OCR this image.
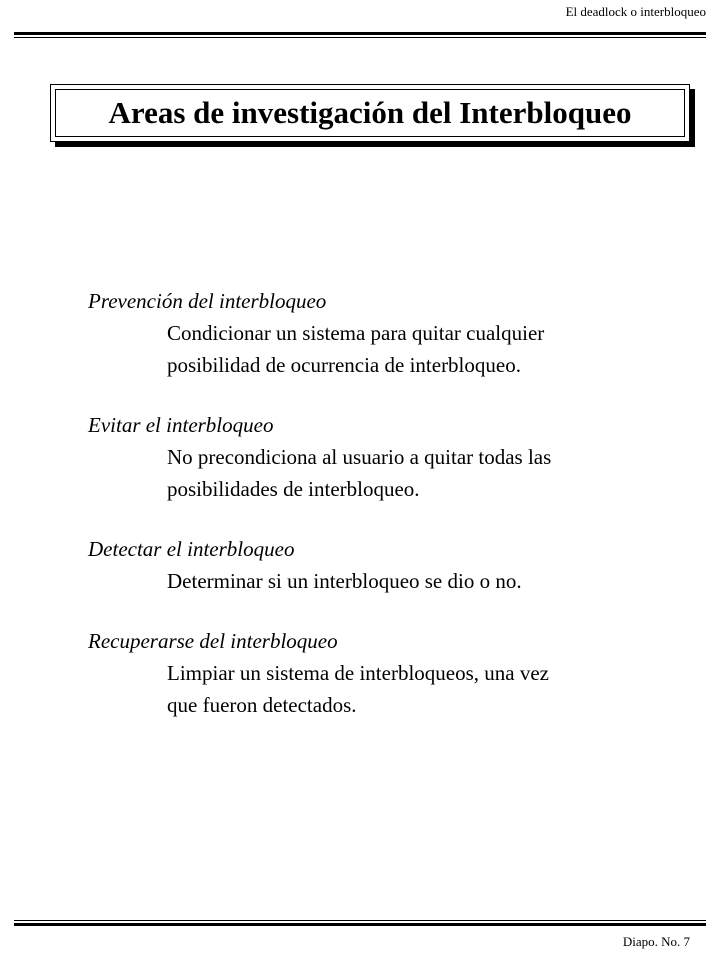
El deadlock o interbloqueo
Areas de investigación del Interbloqueo
Prevención del interbloqueo
Condicionar un sistema para quitar cualquier
posibilidad de ocurrencia de interbloqueo.
Evitar el interbloqueo
No precondiciona al usuario a quitar todas las
posibilidades de interbloqueo.
Detectar el interbloqueo
Determinar si un interbloqueo se dio o no.
Recuperarse del interbloqueo
Limpiar un sistema de interbloqueos, una vez
que fueron detectados.
Diapo. No. 7
